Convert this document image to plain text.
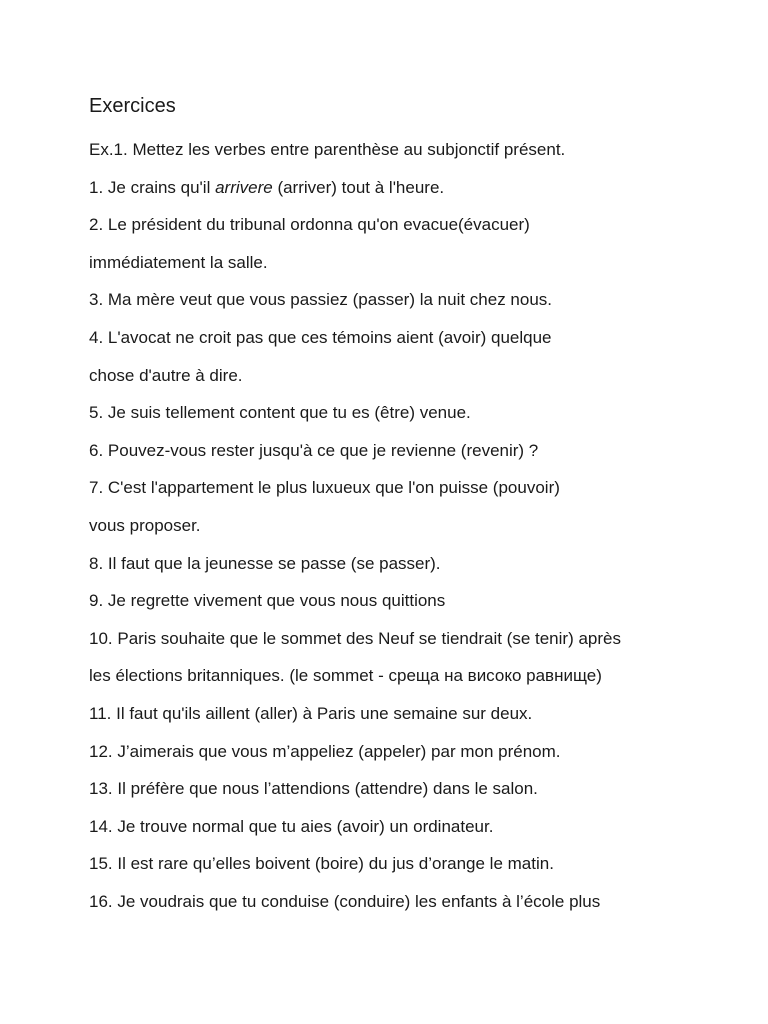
Exercices

Ex.1. Mettez les verbes entre parenthèse au subjonctif présent.

1. Je crains qu'il arrivere (arriver) tout à l'heure.

2. Le président du tribunal ordonna qu'on evacue(évacuer)

immédiatement la salle.

3. Ma mère veut que vous passiez (passer) la nuit chez nous.

4. L'avocat ne croit pas que ces témoins aient (avoir) quelque

chose d'autre à dire.

5. Je suis tellement content que tu es (être) venue.

6. Pouvez-vous rester jusqu'à ce que je revienne (revenir) ?

7. C'est l'appartement le plus luxueux que l'on puisse (pouvoir)

vous proposer.

8. Il faut que la jeunesse se passe (se passer).

9. Je regrette vivement que vous nous quittions

10. Paris souhaite que le sommet des Neuf se tiendrait (se tenir) après

les élections britanniques. (le sommet - среща на високо равнище)

11. Il faut qu'ils aillent (aller) à Paris une semaine sur deux.

12. J’aimerais que vous m’appeliez (appeler) par mon prénom.

13. Il préfère que nous l’attendions (attendre) dans le salon.

14. Je trouve normal que tu aies (avoir) un ordinateur.

15. Il est rare qu’elles boivent (boire) du jus d’orange le matin.

16. Je voudrais que tu conduise (conduire) les enfants à l’école plus
